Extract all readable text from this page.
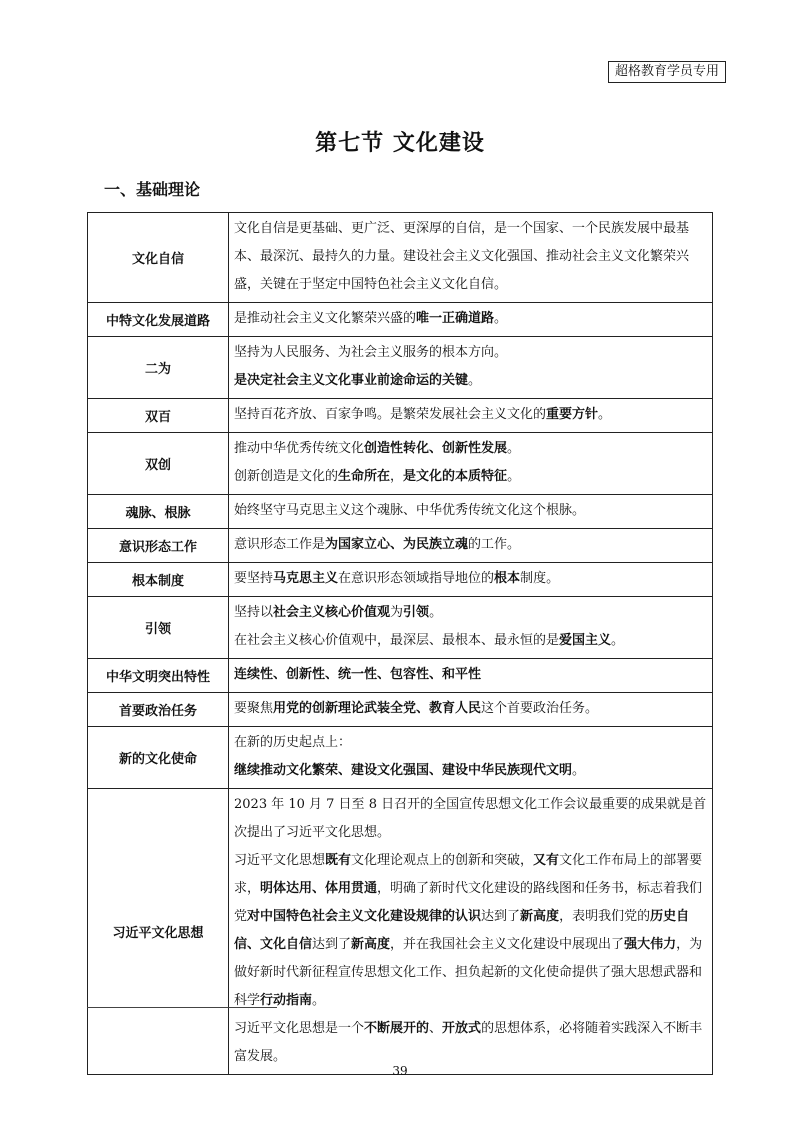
超格教育学员专用
第七节 文化建设
一、基础理论
文化自信	文化自信是更基础、更广泛、更深厚的自信，是一个国家、一个民族发展中最基本、最深沉、最持久的力量。建设社会主义文化强国、推动社会主义文化繁荣兴盛，关键在于坚定中国特色社会主义文化自信。

中特文化发展道路	是推动社会主义文化繁荣兴盛的唯一正确道路。

二为	坚持为人民服务、为社会主义服务的根本方向。

是决定社会主义文化事业前途命运的关键。

双百	坚持百花齐放、百家争鸣。是繁荣发展社会主义文化的重要方针。

双创	推动中华优秀传统文化创造性转化、创新性发展。

创新创造是文化的生命所在，是文化的本质特征。

魂脉、根脉	始终坚守马克思主义这个魂脉、中华优秀传统文化这个根脉。

意识形态工作	意识形态工作是为国家立心、为民族立魂的工作。

根本制度	要坚持马克思主义在意识形态领域指导地位的根本制度。

引领	坚持以社会主义核心价值观为引领。

在社会主义核心价值观中，最深层、最根本、最永恒的是爱国主义。

中华文明突出特性	连续性、创新性、统一性、包容性、和平性

首要政治任务	要聚焦用党的创新理论武装全党、教育人民这个首要政治任务。

新的文化使命	在新的历史起点上：

继续推动文化繁荣、建设文化强国、建设中华民族现代文明。

习近平文化思想	2023 年 10 月 7 日至 8 日召开的全国宣传思想文化工作会议最重要的成果就是首次提出了习近平文化思想。

习近平文化思想既有文化理论观点上的创新和突破，又有文化工作布局上的部署要求，明体达用、体用贯通，明确了新时代文化建设的路线图和任务书，标志着我们党对中国特色社会主义文化建设规律的认识达到了新高度，表明我们党的历史自信、文化自信达到了新高度，并在我国社会主义文化建设中展现出了强大伟力，为做好新时代新征程宣传思想文化工作、担负起新的文化使命提供了强大思想武器和科学行动指南。

习近平文化思想是一个不断展开的、开放式的思想体系，必将随着实践深入不断丰富发展。

39
